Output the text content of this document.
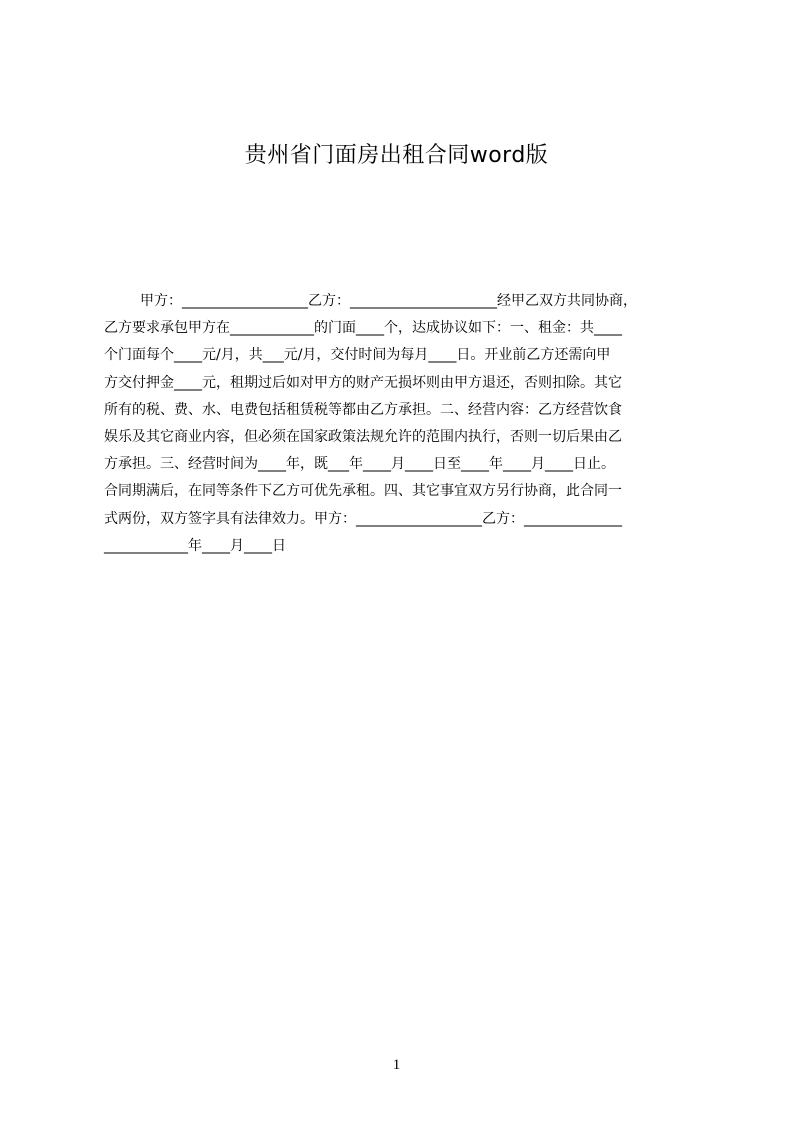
贵州省门面房出租合同word版
甲方：__________________乙方：_____________________经甲乙双方共同协商，
乙方要求承包甲方在____________的门面____个，达成协议如下：一、租金：共____
个门面每个____元/月，共___元/月，交付时间为每月____日。开业前乙方还需向甲
方交付押金____元，租期过后如对甲方的财产无损坏则由甲方退还，否则扣除。其它
所有的税、费、水、电费包括租赁税等都由乙方承担。二、经营内容：乙方经营饮食
娱乐及其它商业内容，但必须在国家政策法规允许的范围内执行，否则一切后果由乙
方承担。三、经营时间为____年，既___年____月____日至____年____月____日止。
合同期满后，在同等条件下乙方可优先承租。四、其它事宜双方另行协商，此合同一
式两份，双方签字具有法律效力。甲方：__________________乙方：______________
____________年____月____日
1
